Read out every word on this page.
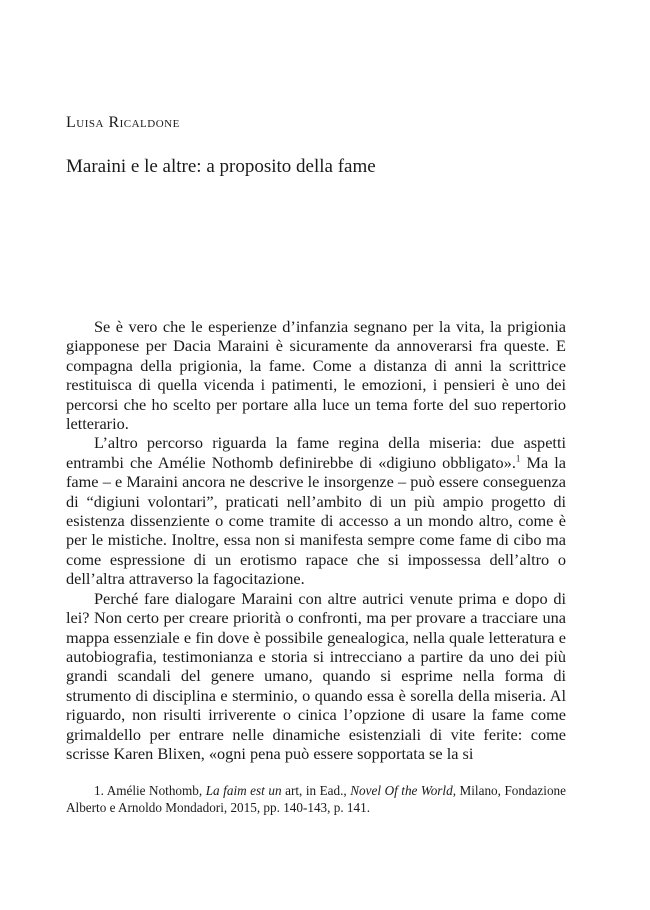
Luisa Ricaldone

Maraini e le altre: a proposito della fame

Se è vero che le esperienze d’infanzia segnano per la vita, la prigionia giapponese per Dacia Maraini è sicuramente da annoverarsi fra queste. E compagna della prigionia, la fame. Come a distanza di anni la scrittrice restituisca di quella vicenda i patimenti, le emozioni, i pensieri è uno dei percorsi che ho scelto per portare alla luce un tema forte del suo repertorio letterario.

L’altro percorso riguarda la fame regina della miseria: due aspetti entrambi che Amélie Nothomb definirebbe di «digiuno obbligato».$^1$ Ma la fame – e Maraini ancora ne descrive le insorgenze – può essere conseguenza di “digiuni volontari”, praticati nell’ambito di un più ampio progetto di esistenza dissenziente o come tramite di accesso a un mondo altro, come è per le mistiche. Inoltre, essa non si manifesta sempre come fame di cibo ma come espressione di un erotismo rapace che si impossessa dell’altro o dell’altra attraverso la fagocitazione.

Perché fare dialogare Maraini con altre autrici venute prima e dopo di lei? Non certo per creare priorità o confronti, ma per provare a tracciare una mappa essenziale e fin dove è possibile genealogica, nella quale letteratura e autobiografia, testimonianza e storia si intrecciano a partire da uno dei più grandi scandali del genere umano, quando si esprime nella forma di strumento di disciplina e sterminio, o quando essa è sorella della miseria. Al riguardo, non risulti irriverente o cinica l’opzione di usare la fame come grimaldello per entrare nelle dinamiche esistenziali di vite ferite: come scrisse Karen Blixen, «ogni pena può essere sopportata se la si

1. Amélie Nothomb, La faim est un art, in Ead., Novel Of the World, Milano, Fondazione Alberto e Arnoldo Mondadori, 2015, pp. 140-143, p. 141.
